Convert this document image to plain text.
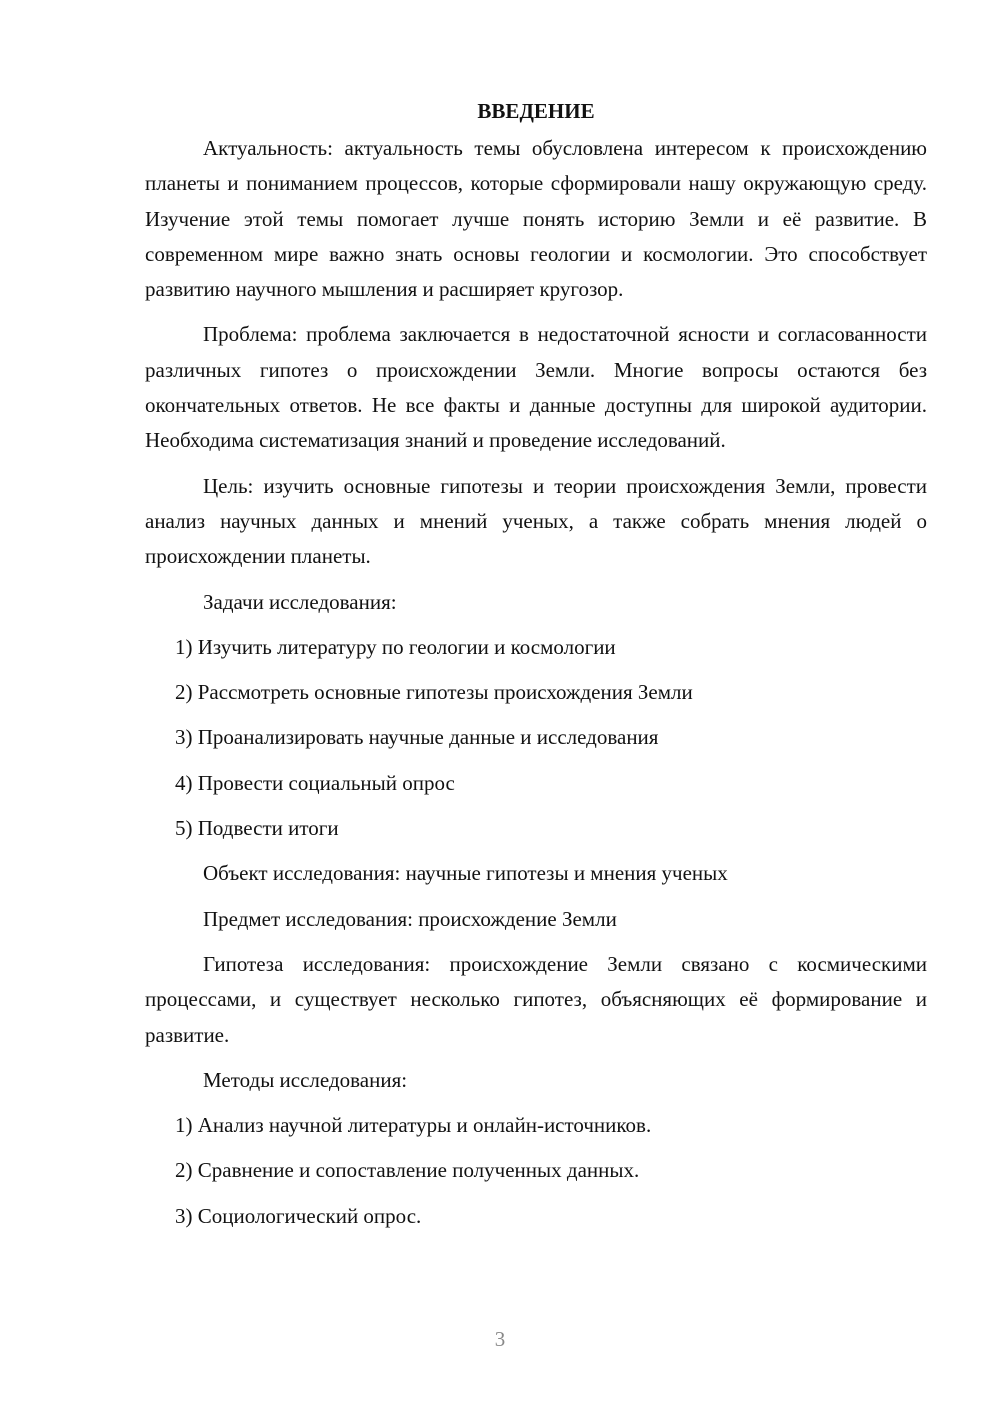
ВВЕДЕНИЕ

Актуальность: актуальность темы обусловлена интересом к происхождению планеты и пониманием процессов, которые сформировали нашу окружающую среду. Изучение этой темы помогает лучше понять историю Земли и её развитие. В современном мире важно знать основы геологии и космологии. Это способствует развитию научного мышления и расширяет кругозор.

Проблема: проблема заключается в недостаточной ясности и согласованности различных гипотез о происхождении Земли. Многие вопросы остаются без окончательных ответов. Не все факты и данные доступны для широкой аудитории. Необходима систематизация знаний и проведение исследований.

Цель: изучить основные гипотезы и теории происхождения Земли, провести анализ научных данных и мнений ученых, а также собрать мнения людей о происхождении планеты.

Задачи исследования:

1) Изучить литературу по геологии и космологии
2) Рассмотреть основные гипотезы происхождения Земли
3) Проанализировать научные данные и исследования
4) Провести социальный опрос
5) Подвести итоги

Объект исследования: научные гипотезы и мнения ученых

Предмет исследования: происхождение Земли

Гипотеза исследования: происхождение Земли связано с космическими процессами, и существует несколько гипотез, объясняющих её формирование и развитие.

Методы исследования:

1) Анализ научной литературы и онлайн-источников.
2) Сравнение и сопоставление полученных данных.
3) Социологический опрос.
3
